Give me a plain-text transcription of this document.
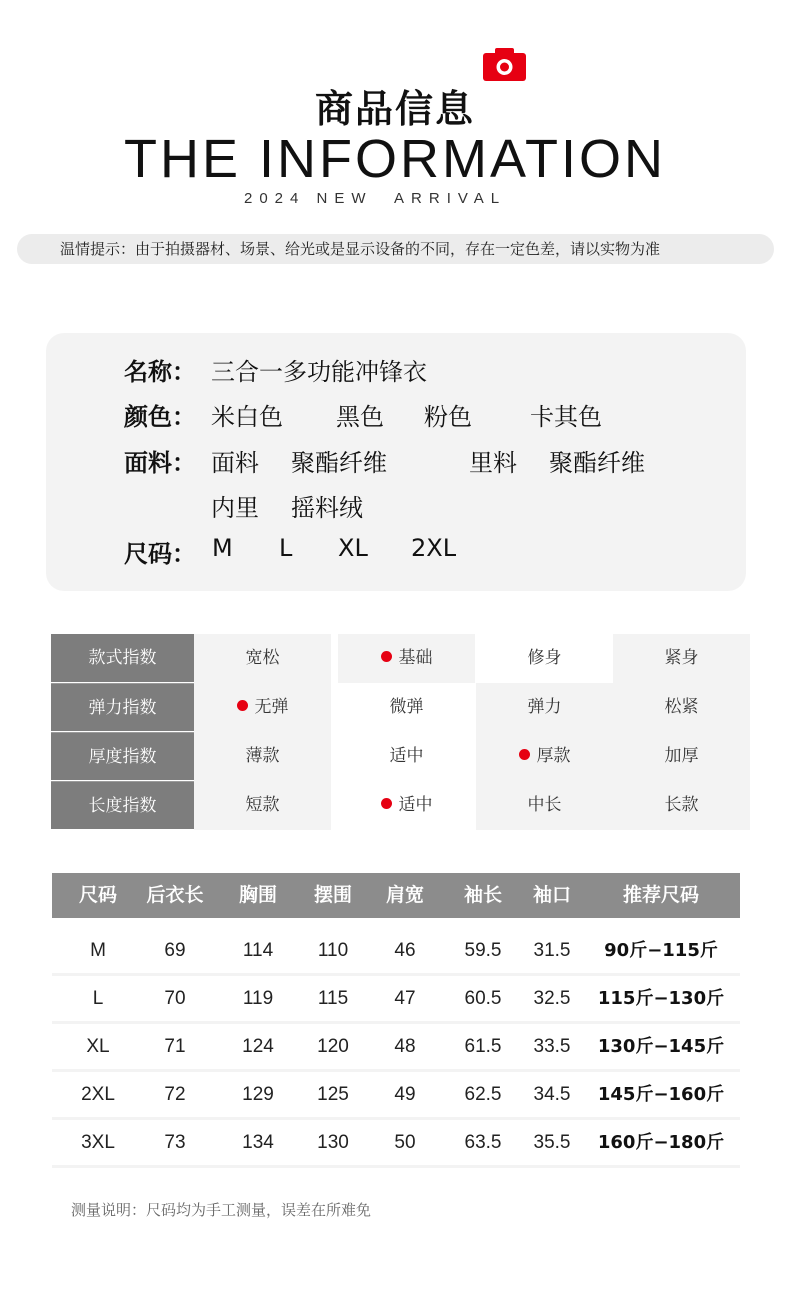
商品信息
THE INFORMATION
2024 NEW  ARRIVAL
温情提示：由于拍摄器材、场景、给光或是显示设备的不同，存在一定色差，请以实物为准
名称： 三合一多功能冲锋衣
颜色： 米白色 黑色 粉色 卡其色
面料： 面料 聚酯纤维	里料 聚酯纤维
内里 摇料绒
尺码： M L XL 2XL
款式指数	宽松	基础	修身	紧身
弹力指数	无弹	微弹	弹力	松紧
厚度指数	薄款	适中	厚款	加厚
长度指数	短款	适中	中长	长款
尺码 后衣长 胸围 摆围 肩宽 袖长 袖口	推荐尺码
M	69	114 110 46	59.5 31.5 90斤−115斤
L	70	119 115 47	60.5 32.5 115斤−130斤
XL	71	124 120 48	61.5 33.5 130斤−145斤
2XL	72	129 125 49	62.5 34.5 145斤−160斤
3XL	73	134 130 50	63.5 35.5 160斤−180斤
测量说明：尺码均为手工测量，误差在所难免
